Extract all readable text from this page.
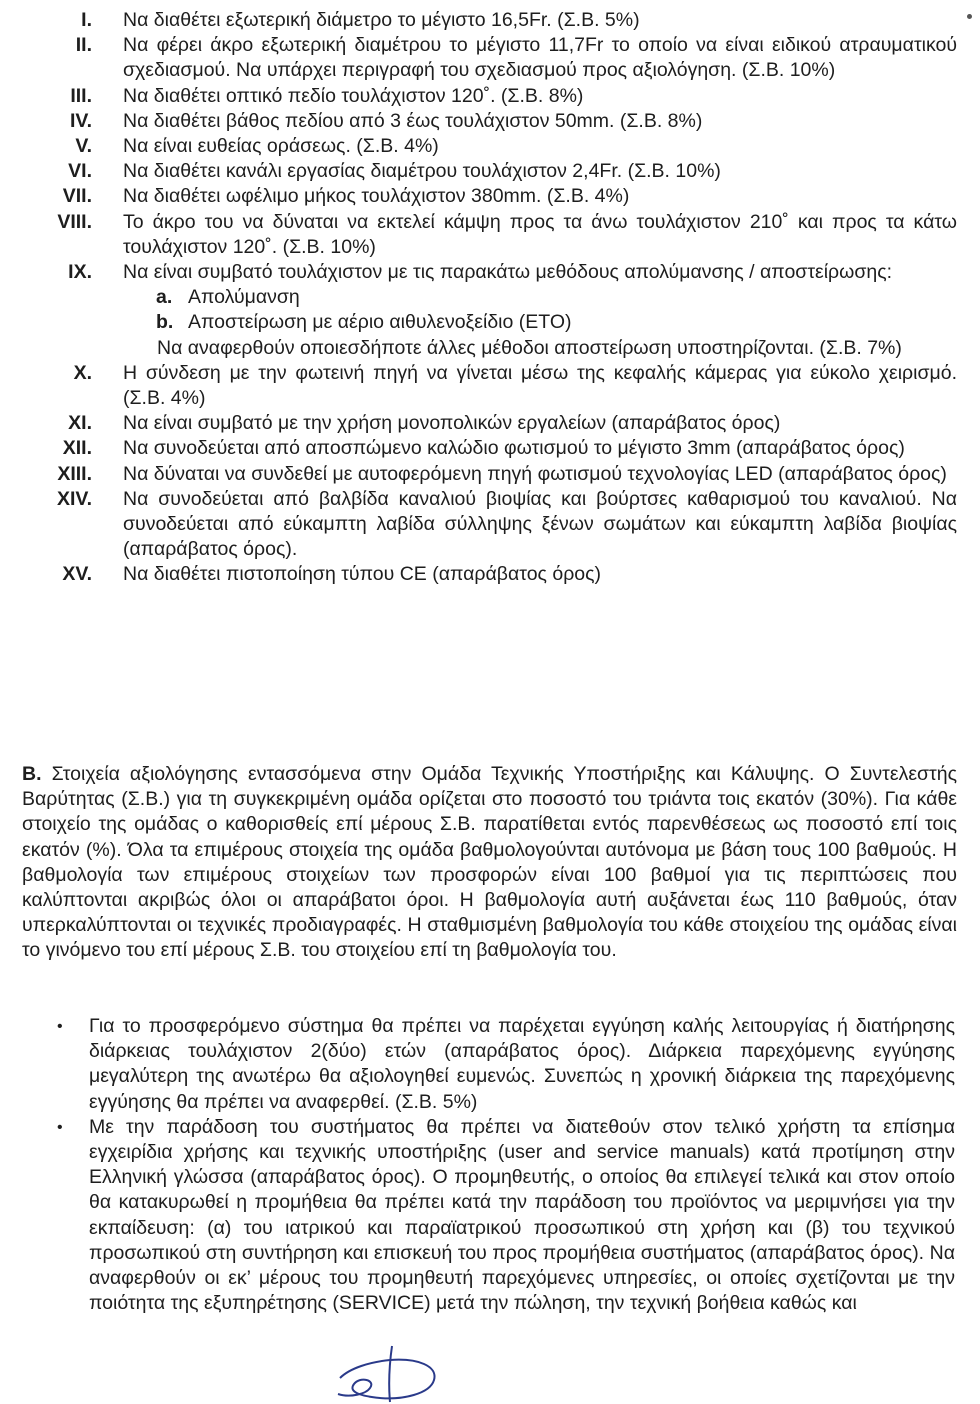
I. Να διαθέτει εξωτερική διάμετρο το μέγιστο 16,5Fr. (Σ.Β. 5%)
II. Να φέρει άκρο εξωτερική διαμέτρου το μέγιστο 11,7Fr το οποίο να είναι ειδικού ατραυματικού σχεδιασμού. Να υπάρχει περιγραφή του σχεδιασμού προς αξιολόγηση. (Σ.Β. 10%)
III. Να διαθέτει οπτικό πεδίο τουλάχιστον 120˚. (Σ.Β. 8%)
IV. Να διαθέτει βάθος πεδίου από 3 έως τουλάχιστον 50mm. (Σ.Β. 8%)
V. Να είναι ευθείας οράσεως. (Σ.Β. 4%)
VI. Να διαθέτει κανάλι εργασίας διαμέτρου τουλάχιστον 2,4Fr. (Σ.Β. 10%)
VII. Να διαθέτει ωφέλιμο μήκος τουλάχιστον 380mm. (Σ.Β. 4%)
VIII. Το άκρο του να δύναται να εκτελεί κάμψη προς τα άνω τουλάχιστον 210˚ και προς τα κάτω τουλάχιστον 120˚. (Σ.Β. 10%)
IX. Να είναι συμβατό τουλάχιστον με τις παρακάτω μεθόδους απολύμανσης / αποστείρωσης:
a. Απολύμανση
b. Αποστείρωση με αέριο αιθυλενοξείδιο (ΕΤΟ)
Να αναφερθούν οποιεσδήποτε άλλες μέθοδοι αποστείρωση υποστηρίζονται. (Σ.Β. 7%)
X. Η σύνδεση με την φωτεινή πηγή να γίνεται μέσω της κεφαλής κάμερας για εύκολο χειρισμό. (Σ.Β. 4%)
XI. Να είναι συμβατό με την χρήση μονοπολικών εργαλείων (απαράβατος όρος)
XII. Να συνοδεύεται από αποσπώμενο καλώδιο φωτισμού το μέγιστο 3mm (απαράβατος όρος)
XIII. Να δύναται να συνδεθεί με αυτοφερόμενη πηγή φωτισμού τεχνολογίας LED (απαράβατος όρος)
XIV. Να συνοδεύεται από βαλβίδα καναλιού βιοψίας και βούρτσες καθαρισμού του καναλιού. Να συνοδεύεται από εύκαμπτη λαβίδα σύλληψης ξένων σωμάτων και εύκαμπτη λαβίδα βιοψίας (απαράβατος όρος).
XV. Να διαθέτει πιστοποίηση τύπου CE (απαράβατος όρος)
Β. Στοιχεία αξιολόγησης εντασσόμενα στην Ομάδα Τεχνικής Υποστήριξης και Κάλυψης. Ο Συντελεστής Βαρύτητας (Σ.Β.) για τη συγκεκριμένη ομάδα ορίζεται στο ποσοστό του τριάντα τοις εκατόν (30%). Για κάθε στοιχείο της ομάδας ο καθορισθείς επί μέρους Σ.Β. παρατίθεται εντός παρενθέσεως ως ποσοστό επί τοις εκατόν (%). Όλα τα επιμέρους στοιχεία της ομάδα βαθμολογούνται αυτόνομα με βάση τους 100 βαθμούς. Η βαθμολογία των επιμέρους στοιχείων των προσφορών είναι 100 βαθμοί για τις περιπτώσεις που καλύπτονται ακριβώς όλοι οι απαράβατοι όροι. Η βαθμολογία αυτή αυξάνεται έως 110 βαθμούς, όταν υπερκαλύπτονται οι τεχνικές προδιαγραφές. Η σταθμισμένη βαθμολογία του κάθε στοιχείου της ομάδας είναι το γινόμενο του επί μέρους Σ.Β. του στοιχείου επί τη βαθμολογία του.
• Για το προσφερόμενο σύστημα θα πρέπει να παρέχεται εγγύηση καλής λειτουργίας ή διατήρησης διάρκειας τουλάχιστον 2(δύο) ετών (απαράβατος όρος). Διάρκεια παρεχόμενης εγγύησης μεγαλύτερη της ανωτέρω θα αξιολογηθεί ευμενώς. Συνεπώς η χρονική διάρκεια της παρεχόμενης εγγύησης θα πρέπει να αναφερθεί. (Σ.Β. 5%)
• Με την παράδοση του συστήματος θα πρέπει να διατεθούν στον τελικό χρήστη τα επίσημα εγχειρίδια χρήσης και τεχνικής υποστήριξης (user and service manuals) κατά προτίμηση στην Ελληνική γλώσσα (απαράβατος όρος). Ο προμηθευτής, ο οποίος θα επιλεγεί τελικά και στον οποίο θα κατακυρωθεί η προμήθεια θα πρέπει κατά την παράδοση του προϊόντος να μεριμνήσει για την εκπαίδευση: (α) του ιατρικού και παραϊατρικού προσωπικού στη χρήση και (β) του τεχνικού προσωπικού στη συντήρηση και επισκευή του προς προμήθεια συστήματος (απαράβατος όρος). Να αναφερθούν οι εκ’ μέρους του προμηθευτή παρεχόμενες υπηρεσίες, οι οποίες σχετίζονται με την ποιότητα της εξυπηρέτησης (SERVICE) μετά την πώληση, την τεχνική βοήθεια καθώς και
